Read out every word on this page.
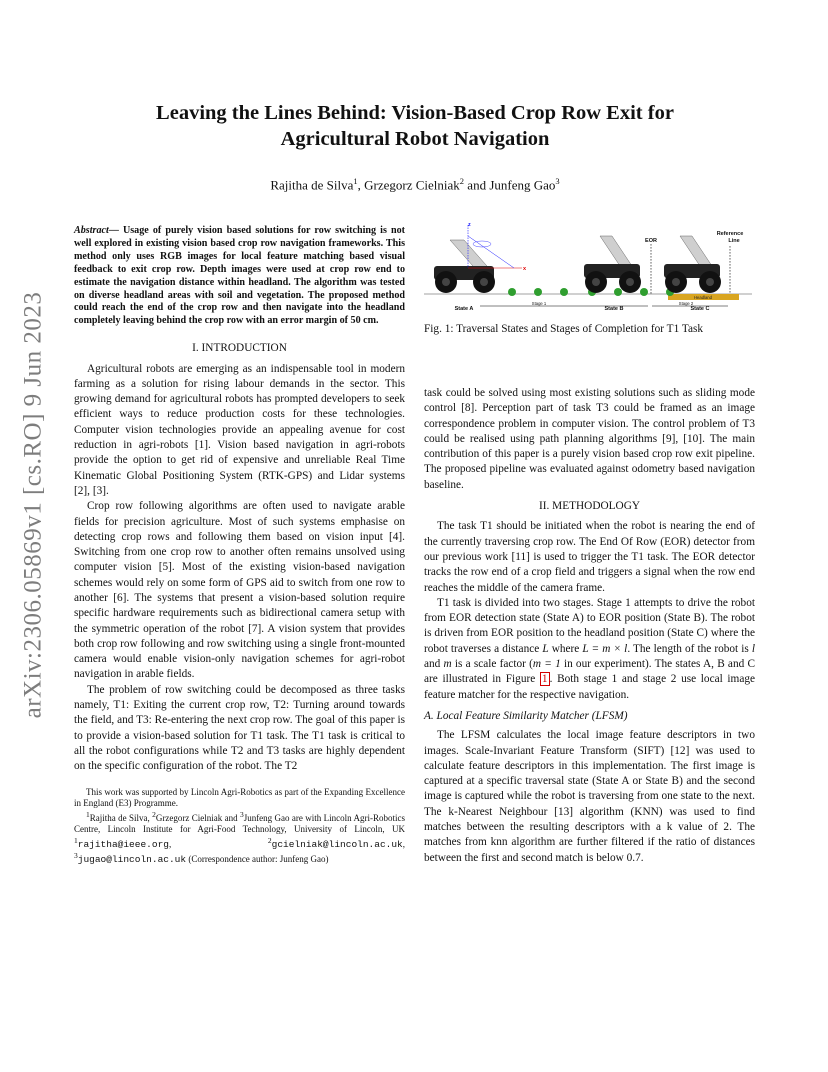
arXiv:2306.05869v1 [cs.RO] 9 Jun 2023
Leaving the Lines Behind: Vision-Based Crop Row Exit for
Agricultural Robot Navigation
Rajitha de Silva$^1$, Grzegorz Cielniak$^2$ and Junfeng Gao$^3$
Abstract— Usage of purely vision based solutions for row switching is not well explored in existing vision based crop row navigation frameworks. This method only uses RGB images for local feature matching based visual feedback to exit crop row. Depth images were used at crop row end to estimate the navigation distance within headland. The algorithm was tested on diverse headland areas with soil and vegetation. The proposed method could reach the end of the crop row and then navigate into the headland completely leaving behind the crop row with an error margin of 50 cm.
I. INTRODUCTION

Agricultural robots are emerging as an indispensable tool in modern farming as a solution for rising labour demands in the sector. This growing demand for agricultural robots has prompted developers to seek efficient ways to reduce production costs for these technologies. Computer vision technologies provide an appealing avenue for cost reduction in agri-robots [1]. Vision based navigation in agri-robots provide the option to get rid of expensive and unreliable Real Time Kinematic Global Positioning System (RTK-GPS) and Lidar systems [2], [3].

Crop row following algorithms are often used to navigate arable fields for precision agriculture. Most of such systems emphasise on detecting crop rows and following them based on vision input [4]. Switching from one crop row to another often remains unsolved using computer vision [5]. Most of the existing vision-based navigation schemes would rely on some form of GPS aid to switch from one row to another [6]. The systems that present a vision-based solution require specific hardware requirements such as bidirectional camera setup with the symmetric operation of the robot [7]. A vision system that provides both crop row following and row switching using a single front-mounted camera would enable vision-only navigation schemes for agri-robot navigation in arable fields.

The problem of row switching could be decomposed as three tasks namely, T1: Exiting the current crop row, T2: Turning around towards the field, and T3: Re-entering the next crop row. The goal of this paper is to provide a vision-based solution for T1 task. The T1 task is critical to all the robot configurations while T2 and T3 tasks are highly dependent on the specific configuration of the robot. The T2

This work was supported by Lincoln Agri-Robotics as part of the Expanding Excellence in England (E3) Programme.

$^1$Rajitha de Silva, $^2$Grzegorz Cielniak and $^3$Junfeng Gao are with Lincoln Agri-Robotics Centre, Lincoln Institute for Agri-Food Technology, University of Lincoln, UK $^1$rajitha@ieee.org, $^2$gcielniak@lincoln.ac.uk, $^3$jugao@lincoln.ac.uk (Correspondence author: Junfeng Gao)

Headland
z
x
EOR
Reference
Line
Stage 1	Stage 2
State A	State B	State C
Fig. 1: Traversal States and Stages of Completion for T1 Task

task could be solved using most existing solutions such as sliding mode control [8]. Perception part of task T3 could be framed as an image correspondence problem in computer vision. The control problem of T3 could be realised using path planning algorithms [9], [10]. The main contribution of this paper is a purely vision based crop row exit pipeline. The proposed pipeline was evaluated against odometry based navigation baseline.

II. METHODOLOGY

The task T1 should be initiated when the robot is nearing the end of the currently traversing crop row. The End Of Row (EOR) detector from our previous work [11] is used to trigger the T1 task. The EOR detector tracks the row end of a crop field and triggers a signal when the row end reaches the middle of the camera frame.

T1 task is divided into two stages. Stage 1 attempts to drive the robot from EOR detection state (State A) to EOR position (State B). The robot is driven from EOR position to the headland position (State C) where the robot traverses a distance L where L = m × l. The length of the robot is l and m is a scale factor (m = 1 in our experiment). The states A, B and C are illustrated in Figure 1 . Both stage 1 and stage 2 use local image feature matcher for the respective navigation.

A. Local Feature Similarity Matcher (LFSM)

The LFSM calculates the local image feature descriptors in two images. Scale-Invariant Feature Transform (SIFT) [12] was used to calculate feature descriptors in this implementation. The first image is captured at a specific traversal state (State A or State B) and the second image is captured while the robot is traversing from one state to the next. The k-Nearest Neighbour [13] algorithm (KNN) was used to find matches between the resulting descriptors with a k value of 2. The matches from knn algorithm are further filtered if the ratio of distances between the first and second match is below 0.7.
